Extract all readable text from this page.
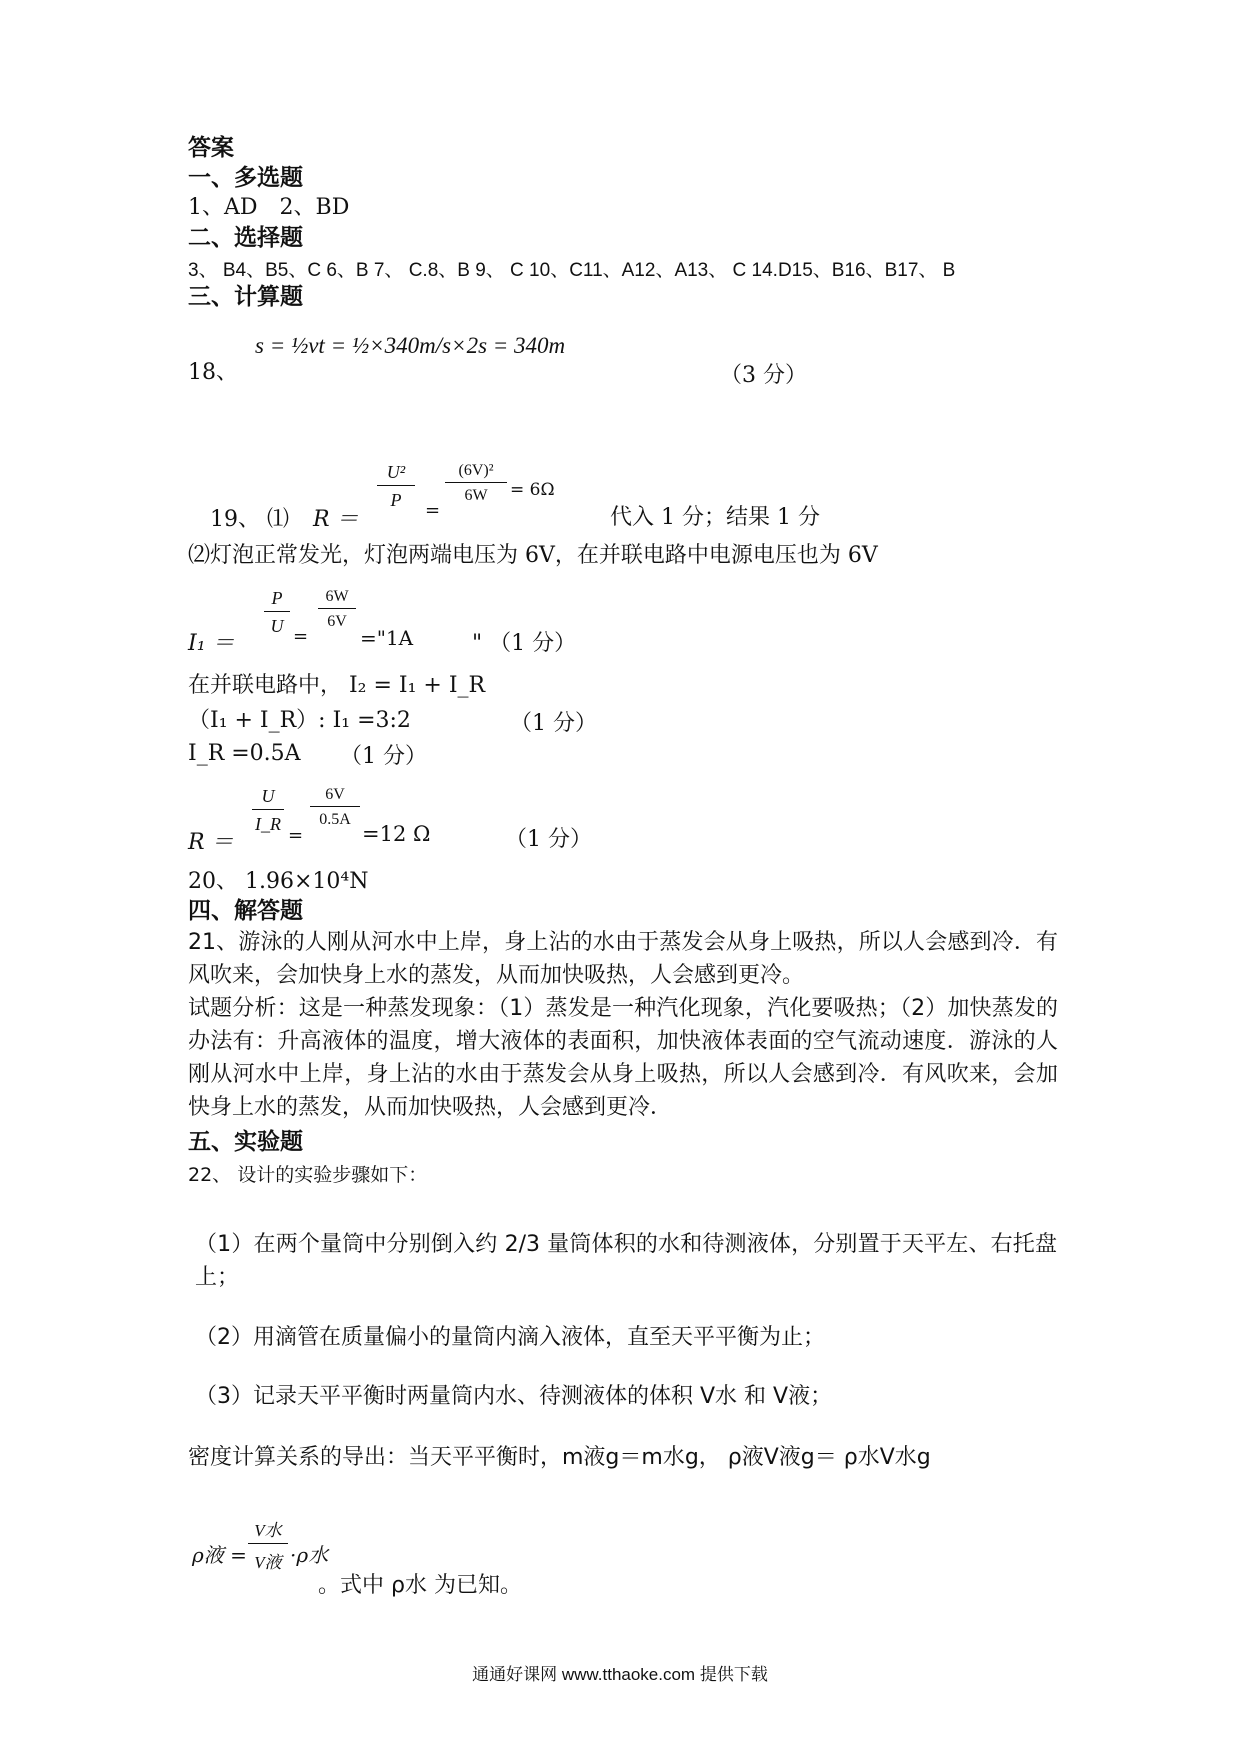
答案
一、多选题
1、AD　2、BD
二、选择题
3、 B4、B5、C 6、B 7、 C.8、B 9、 C 10、C11、A12、A13、 C 14.D15、B16、B17、 B
三、计算题
s = ½vt = ½×340m/s×2s = 340m
18、	（3 分）
19、 ⑴ R ＝
$\frac{\text{U²}}{P}$ =
$\frac{\text{(6V)²}}{6W} = 6\Omega$
代入 1 分；结果 1 分
⑵灯泡正常发光，灯泡两端电压为 6V，在并联电路中电源电压也为 6V
I₁ ＝
$\frac{P}{U}$ =
$\frac{6W}{6V}$
="1A	" （1 分）
在并联电路中， I₂ = I₁ + I_R
（I₁ + I_R）: I₁ =3:2	（1 分）
I_R =0.5A （1 分）
R ＝
$\frac{U}{I\_R}$
=
$\frac{6V}{0.5A}$
=12 Ω	（1 分）
20、 1.96×10⁴N
四、解答题
21、游泳的人刚从河水中上岸，身上沾的水由于蒸发会从身上吸热，所以人会感到冷．有风吹来，会加快身上水的蒸发，从而加快吸热，人会感到更冷。
试题分析：这是一种蒸发现象：（1）蒸发是一种汽化现象，汽化要吸热；（2）加快蒸发的办法有：升高液体的温度，增大液体的表面积，加快液体表面的空气流动速度．游泳的人刚从河水中上岸，身上沾的水由于蒸发会从身上吸热，所以人会感到冷．有风吹来，会加快身上水的蒸发，从而加快吸热，人会感到更冷．
五、实验题
22、 设计的实验步骤如下：
（1）在两个量筒中分别倒入约 2/3 量筒体积的水和待测液体，分别置于天平左、右托盘上；
（2）用滴管在质量偏小的量筒内滴入液体，直至天平平衡为止；
（3）记录天平平衡时两量筒内水、待测液体的体积 V水 和 V液；
密度计算关系的导出：当天平平衡时，m液g＝m水g， ρ液V液g＝ ρ水V水g
ρ液 =
V水
V液 ·ρ水
。式中 ρ水 为已知。
通通好课网 www.tthaoke.com 提供下载
